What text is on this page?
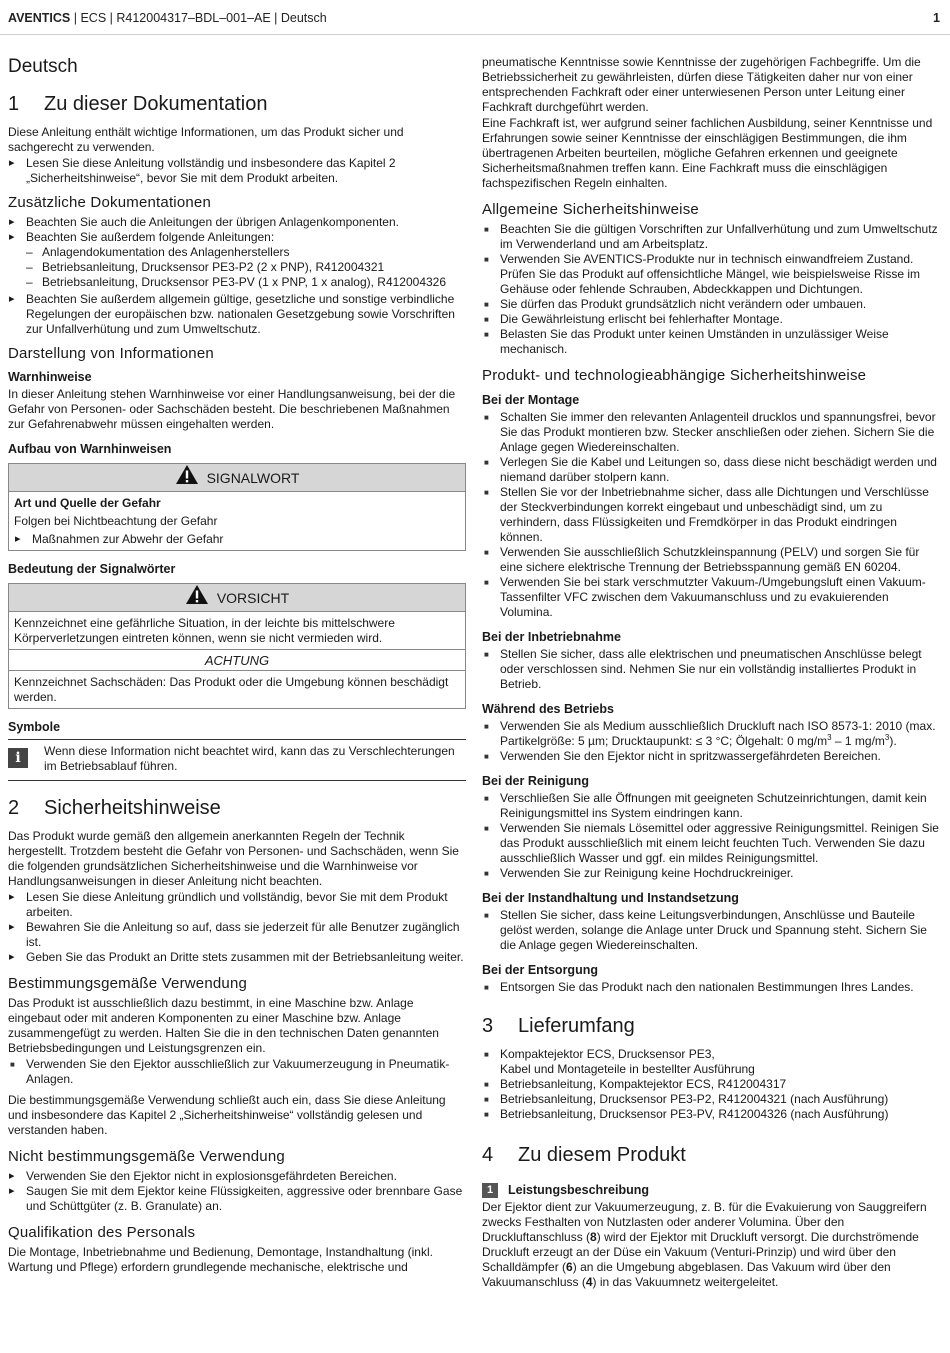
AVENTICS | ECS | R412004317–BDL–001–AE | Deutsch	1
Deutsch
1 Zu dieser Dokumentation

Diese Anleitung enthält wichtige Informationen, um das Produkt sicher und sachgerecht zu verwenden.

▸ Lesen Sie diese Anleitung vollständig und insbesondere das Kapitel 2 „Sicherheitshinweise“, bevor Sie mit dem Produkt arbeiten.
Zusätzliche Dokumentationen
▸ Beachten Sie auch die Anleitungen der übrigen Anlagenkomponenten.
▸ Beachten Sie außerdem folgende Anleitungen:
– Anlagendokumentation des Anlagenherstellers
– Betriebsanleitung, Drucksensor PE3-P2 (2 x PNP), R412004321
– Betriebsanleitung, Drucksensor PE3-PV (1 x PNP, 1 x analog), R412004326
▸ Beachten Sie außerdem allgemein gültige, gesetzliche und sonstige verbindliche Regelungen der europäischen bzw. nationalen Gesetzgebung sowie Vorschriften zur Unfallverhütung und zum Umweltschutz.
Darstellung von Informationen
Warnhinweise

In dieser Anleitung stehen Warnhinweise vor einer Handlungsanweisung, bei der die Gefahr von Personen- oder Sachschäden besteht. Die beschriebenen Maßnahmen zur Gefahrenabwehr müssen eingehalten werden.

Aufbau von Warnhinweisen
SIGNALWORT
Art und Quelle der Gefahr
Folgen bei Nichtbeachtung der Gefahr
▸ Maßnahmen zur Abwehr der Gefahr
Bedeutung der Signalwörter
VORSICHT
Kennzeichnet eine gefährliche Situation, in der leichte bis mittelschwere Körperverletzungen eintreten können, wenn sie nicht vermieden wird.
ACHTUNG
Kennzeichnet Sachschäden: Das Produkt oder die Umgebung können beschädigt werden.
Symbole
i	Wenn diese Information nicht beachtet wird, kann das zu Verschlechterungen im Betriebsablauf führen.
2 Sicherheitshinweise

Das Produkt wurde gemäß den allgemein anerkannten Regeln der Technik hergestellt. Trotzdem besteht die Gefahr von Personen- und Sachschäden, wenn Sie die folgenden grundsätzlichen Sicherheitshinweise und die Warnhinweise vor Handlungsanweisungen in dieser Anleitung nicht beachten.

▸ Lesen Sie diese Anleitung gründlich und vollständig, bevor Sie mit dem Produkt arbeiten.
▸ Bewahren Sie die Anleitung so auf, dass sie jederzeit für alle Benutzer zugänglich ist.
▸ Geben Sie das Produkt an Dritte stets zusammen mit der Betriebsanleitung weiter.
Bestimmungsgemäße Verwendung

Das Produkt ist ausschließlich dazu bestimmt, in eine Maschine bzw. Anlage eingebaut oder mit anderen Komponenten zu einer Maschine bzw. Anlage zusammengefügt zu werden. Halten Sie die in den technischen Daten genannten Betriebsbedingungen und Leistungsgrenzen ein.

■ Verwenden Sie den Ejektor ausschließlich zur Vakuumerzeugung in Pneumatik-Anlagen.

Die bestimmungsgemäße Verwendung schließt auch ein, dass Sie diese Anleitung und insbesondere das Kapitel 2 „Sicherheitshinweise“ vollständig gelesen und verstanden haben.

Nicht bestimmungsgemäße Verwendung
▸ Verwenden Sie den Ejektor nicht in explosionsgefährdeten Bereichen.
▸ Saugen Sie mit dem Ejektor keine Flüssigkeiten, aggressive oder brennbare Gase und Schüttgüter (z. B. Granulate) an.
Qualifikation des Personals

Die Montage, Inbetriebnahme und Bedienung, Demontage, Instandhaltung (inkl. Wartung und Pflege) erfordern grundlegende mechanische, elektrische und

pneumatische Kenntnisse sowie Kenntnisse der zugehörigen Fachbegriffe. Um die Betriebssicherheit zu gewährleisten, dürfen diese Tätigkeiten daher nur von einer entsprechenden Fachkraft oder einer unterwiesenen Person unter Leitung einer Fachkraft durchgeführt werden.

Eine Fachkraft ist, wer aufgrund seiner fachlichen Ausbildung, seiner Kenntnisse und Erfahrungen sowie seiner Kenntnisse der einschlägigen Bestimmungen, die ihm übertragenen Arbeiten beurteilen, mögliche Gefahren erkennen und geeignete Sicherheitsmaßnahmen treffen kann. Eine Fachkraft muss die einschlägigen fachspezifischen Regeln einhalten.

Allgemeine Sicherheitshinweise
■ Beachten Sie die gültigen Vorschriften zur Unfallverhütung und zum Umweltschutz im Verwenderland und am Arbeitsplatz.
■ Verwenden Sie AVENTICS-Produkte nur in technisch einwandfreiem Zustand. Prüfen Sie das Produkt auf offensichtliche Mängel, wie beispielsweise Risse im Gehäuse oder fehlende Schrauben, Abdeckkappen und Dichtungen.
■ Sie dürfen das Produkt grundsätzlich nicht verändern oder umbauen.
■ Die Gewährleistung erlischt bei fehlerhafter Montage.
■ Belasten Sie das Produkt unter keinen Umständen in unzulässiger Weise mechanisch.
Produkt- und technologieabhängige Sicherheitshinweise
Bei der Montage
■ Schalten Sie immer den relevanten Anlagenteil drucklos und spannungsfrei, bevor Sie das Produkt montieren bzw. Stecker anschließen oder ziehen. Sichern Sie die Anlage gegen Wiedereinschalten.
■ Verlegen Sie die Kabel und Leitungen so, dass diese nicht beschädigt werden und niemand darüber stolpern kann.
■ Stellen Sie vor der Inbetriebnahme sicher, dass alle Dichtungen und Verschlüsse der Steckverbindungen korrekt eingebaut und unbeschädigt sind, um zu verhindern, dass Flüssigkeiten und Fremdkörper in das Produkt eindringen können.
■ Verwenden Sie ausschließlich Schutzkleinspannung (PELV) und sorgen Sie für eine sichere elektrische Trennung der Betriebsspannung gemäß EN 60204.
■ Verwenden Sie bei stark verschmutzter Vakuum-/Umgebungsluft einen Vakuum-Tassenfilter VFC zwischen dem Vakuumanschluss und zu evakuierenden Volumina.
Bei der Inbetriebnahme
■ Stellen Sie sicher, dass alle elektrischen und pneumatischen Anschlüsse belegt oder verschlossen sind. Nehmen Sie nur ein vollständig installiertes Produkt in Betrieb.
Während des Betriebs
■ Verwenden Sie als Medium ausschließlich Druckluft nach ISO 8573-1: 2010 (max. Partikelgröße: 5 µm; Drucktaupunkt: ≤ 3 °C; Ölgehalt: 0 $mg/m^3 - 1$ $mg/m^3$).
■ Verwenden Sie den Ejektor nicht in spritzwassergefährdeten Bereichen.
Bei der Reinigung
■ Verschließen Sie alle Öffnungen mit geeigneten Schutzeinrichtungen, damit kein Reinigungsmittel ins System eindringen kann.
■ Verwenden Sie niemals Lösemittel oder aggressive Reinigungsmittel. Reinigen Sie das Produkt ausschließlich mit einem leicht feuchten Tuch. Verwenden Sie dazu ausschließlich Wasser und ggf. ein mildes Reinigungsmittel.
■ Verwenden Sie zur Reinigung keine Hochdruckreiniger.
Bei der Instandhaltung und Instandsetzung
■ Stellen Sie sicher, dass keine Leitungsverbindungen, Anschlüsse und Bauteile gelöst werden, solange die Anlage unter Druck und Spannung steht. Sichern Sie die Anlage gegen Wiedereinschalten.
Bei der Entsorgung
■ Entsorgen Sie das Produkt nach den nationalen Bestimmungen Ihres Landes.
3 Lieferumfang
■ Kompaktejektor ECS, Drucksensor PE3,
Kabel und Montageteile in bestellter Ausführung
■ Betriebsanleitung, Kompaktejektor ECS, R412004317
■ Betriebsanleitung, Drucksensor PE3-P2, R412004321 (nach Ausführung)
■ Betriebsanleitung, Drucksensor PE3-PV, R412004326 (nach Ausführung)
4 Zu diesem Produkt
1 Leistungsbeschreibung

Der Ejektor dient zur Vakuumerzeugung, z. B. für die Evakuierung von Sauggreifern zwecks Festhalten von Nutzlasten oder anderer Volumina. Über den Druckluftanschluss (8) wird der Ejektor mit Druckluft versorgt. Die durchströmende Druckluft erzeugt an der Düse ein Vakuum (Venturi-Prinzip) und wird über den Schalldämpfer (6) an die Umgebung abgeblasen. Das Vakuum wird über den Vakuumanschluss (4) in das Vakuumnetz weitergeleitet.
